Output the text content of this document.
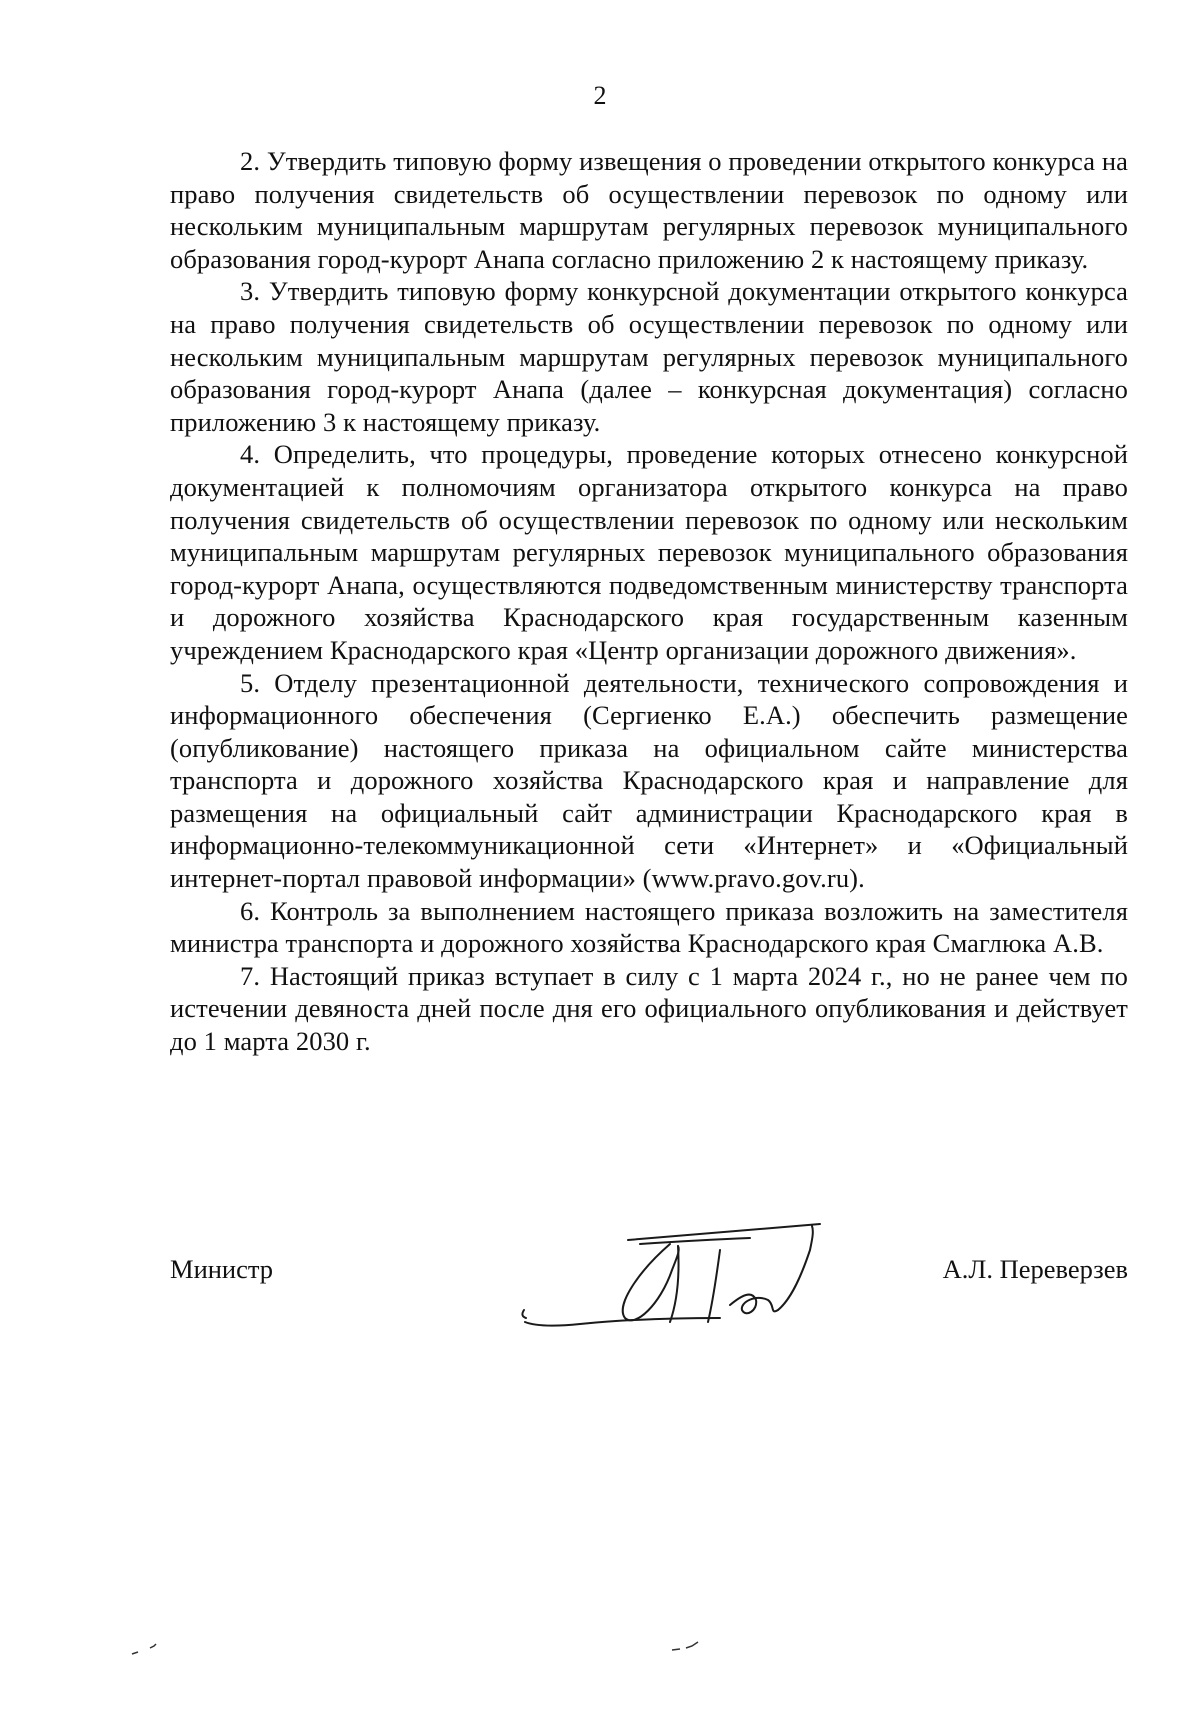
2

2. Утвердить типовую форму извещения о проведении открытого конкурса на право получения свидетельств об осуществлении перевозок по одному или нескольким муниципальным маршрутам регулярных перевозок муниципального образования город-курорт Анапа согласно приложению 2 к настоящему приказу.

3. Утвердить типовую форму конкурсной документации открытого конкурса на право получения свидетельств об осуществлении перевозок по одному или нескольким муниципальным маршрутам регулярных перевозок муниципального образования город-курорт Анапа (далее – конкурсная документация) согласно приложению 3 к настоящему приказу.

4. Определить, что процедуры, проведение которых отнесено конкурсной документацией к полномочиям организатора открытого конкурса на право получения свидетельств об осуществлении перевозок по одному или нескольким муниципальным маршрутам регулярных перевозок муниципального образования город-курорт Анапа, осуществляются подведомственным министерству транспорта и дорожного хозяйства Краснодарского края государственным казенным учреждением Краснодарского края «Центр организации дорожного движения».

5. Отделу презентационной деятельности, технического сопровождения и информационного обеспечения (Сергиенко Е.А.) обеспечить размещение (опубликование) настоящего приказа на официальном сайте министерства транспорта и дорожного хозяйства Краснодарского края и направление для размещения на официальный сайт администрации Краснодарского края в информационно-телекоммуникационной сети «Интернет» и «Официальный интернет-портал правовой информации» (www.pravo.gov.ru).

6. Контроль за выполнением настоящего приказа возложить на заместителя министра транспорта и дорожного хозяйства Краснодарского края Смаглюка А.В.

7. Настоящий приказ вступает в силу с 1 марта 2024 г., но не ранее чем по истечении девяноста дней после дня его официального опубликования и действует до 1 марта 2030 г.

Министр	А.Л. Переверзев
